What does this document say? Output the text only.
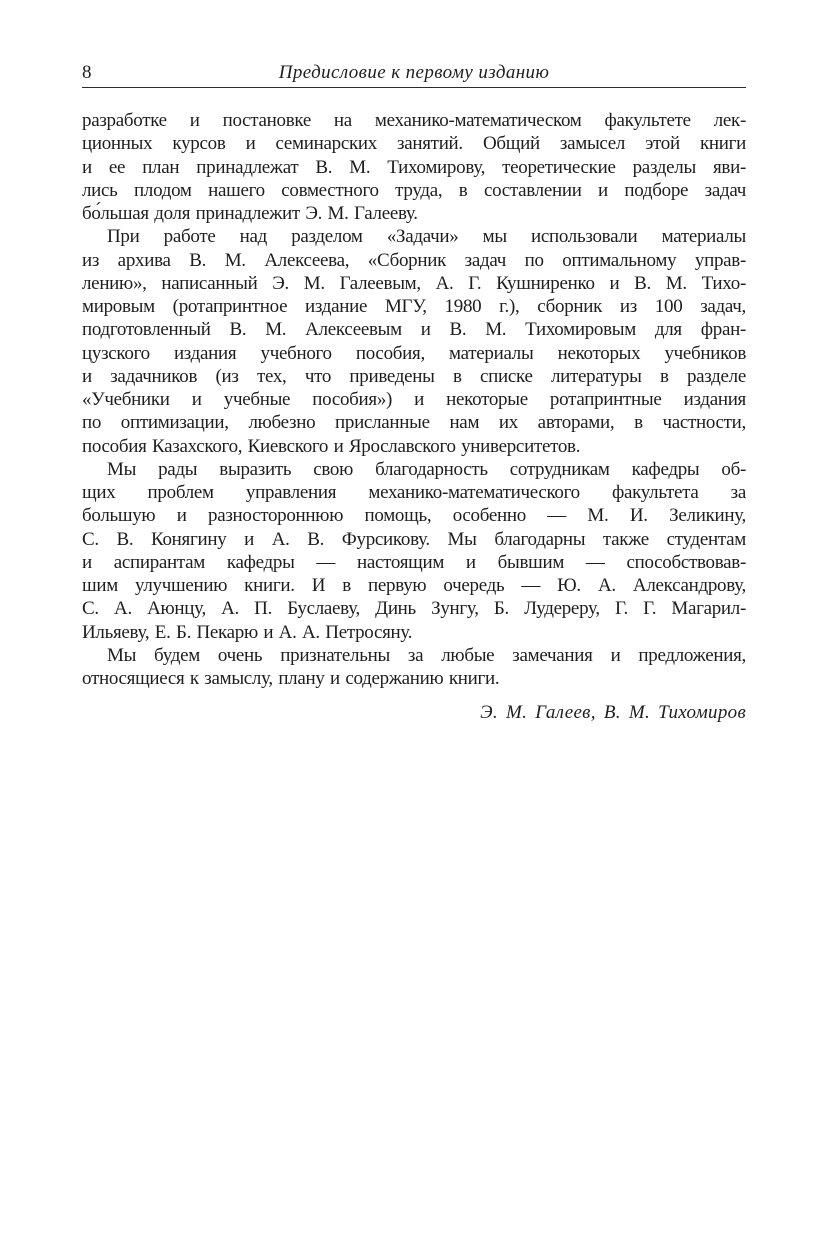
8	Предисловие к первому изданию
разработке и постановке на механико-математическом факультете лек-
ционных курсов и семинарских занятий. Общий замысел этой книги
и ее план принадлежат В. М. Тихомирову, теоретические разделы яви-
лись плодом нашего совместного труда, в составлении и подборе задач
бо́льшая доля принадлежит Э. М. Галееву.
При работе над разделом «Задачи» мы использовали материалы
из архива В. М. Алексеева, «Сборник задач по оптимальному управ-
лению», написанный Э. М. Галеевым, А. Г. Кушниренко и В. М. Тихо-
мировым (ротапринтное издание МГУ, 1980 г.), сборник из 100 задач,
подготовленный В. М. Алексеевым и В. М. Тихомировым для фран-
цузского издания учебного пособия, материалы некоторых учебников
и задачников (из тех, что приведены в списке литературы в разделе
«Учебники и учебные пособия») и некоторые ротапринтные издания
по оптимизации, любезно присланные нам их авторами, в частности,
пособия Казахского, Киевского и Ярославского университетов.
Мы рады выразить свою благодарность сотрудникам кафедры об-
щих проблем управления механико-математического факультета за
большую и разностороннюю помощь, особенно — М. И. Зеликину,
С. В. Конягину и А. В. Фурсикову. Мы благодарны также студентам
и аспирантам кафедры — настоящим и бывшим — способствовав-
шим улучшению книги. И в первую очередь — Ю. А. Александрову,
С. А. Аюнцу, А. П. Буслаеву, Динь Зунгу, Б. Лудереру, Г. Г. Магарил-
Ильяеву, Е. Б. Пекарю и А. А. Петросяну.
Мы будем очень признательны за любые замечания и предложения,
относящиеся к замыслу, плану и содержанию книги.
Э. М. Галеев, В. М. Тихомиров
